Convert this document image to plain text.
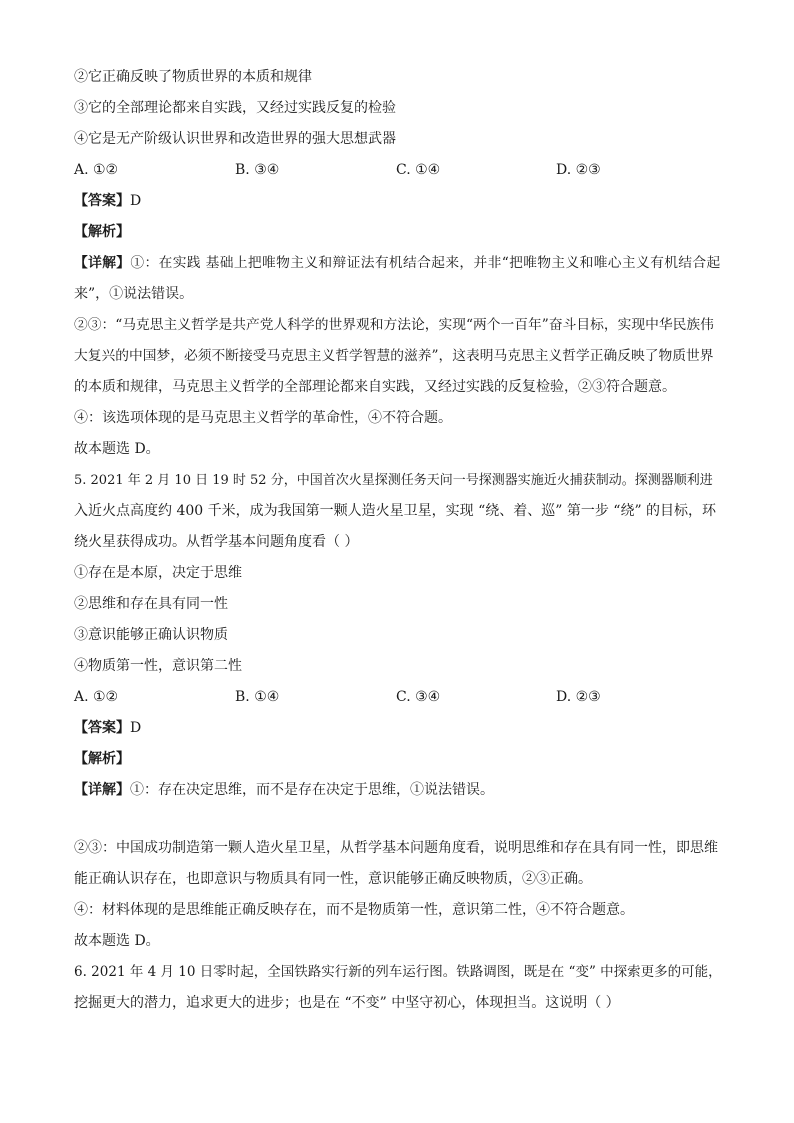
②它正确反映了物质世界的本质和规律
③它的全部理论都来自实践，又经过实践反复的检验
④它是无产阶级认识世界和改造世界的强大思想武器
A. ①②	B. ③④	C. ①④	D. ②③
【答案】D
【解析】
【详解】①：在实践 基础上把唯物主义和辩证法有机结合起来，并非“把唯物主义和唯心主义有机结合起
来”，①说法错误。
②③：“马克思主义哲学是共产党人科学的世界观和方法论，实现“两个一百年”奋斗目标，实现中华民族伟
大复兴的中国梦，必须不断接受马克思主义哲学智慧的滋养”，这表明马克思主义哲学正确反映了物质世界
的本质和规律，马克思主义哲学的全部理论都来自实践，又经过实践的反复检验，②③符合题意。
④：该选项体现的是马克思主义哲学的革命性，④不符合题。
故本题选 D。
5. 2021 年 2 月 10 日 19 时 52 分，中国首次火星探测任务天问一号探测器实施近火捕获制动。探测器顺利进
入近火点高度约 400 千米，成为我国第一颗人造火星卫星，实现 “绕、着、巡” 第一步 “绕” 的目标，环
绕火星获得成功。从哲学基本问题角度看（ ）
①存在是本原，决定于思维
②思维和存在具有同一性
③意识能够正确认识物质
④物质第一性，意识第二性
A. ①②	B. ①④	C. ③④	D. ②③
【答案】D
【解析】
【详解】①：存在决定思维，而不是存在决定于思维，①说法错误。
②③：中国成功制造第一颗人造火星卫星，从哲学基本问题角度看，说明思维和存在具有同一性，即思维
能正确认识存在，也即意识与物质具有同一性，意识能够正确反映物质，②③正确。
④：材料体现的是思维能正确反映存在，而不是物质第一性，意识第二性，④不符合题意。
故本题选 D。
6. 2021 年 4 月 10 日零时起，全国铁路实行新的列车运行图。铁路调图，既是在 “变” 中探索更多的可能，
挖掘更大的潜力，追求更大的进步；也是在 “不变” 中坚守初心，体现担当。这说明（ ）
